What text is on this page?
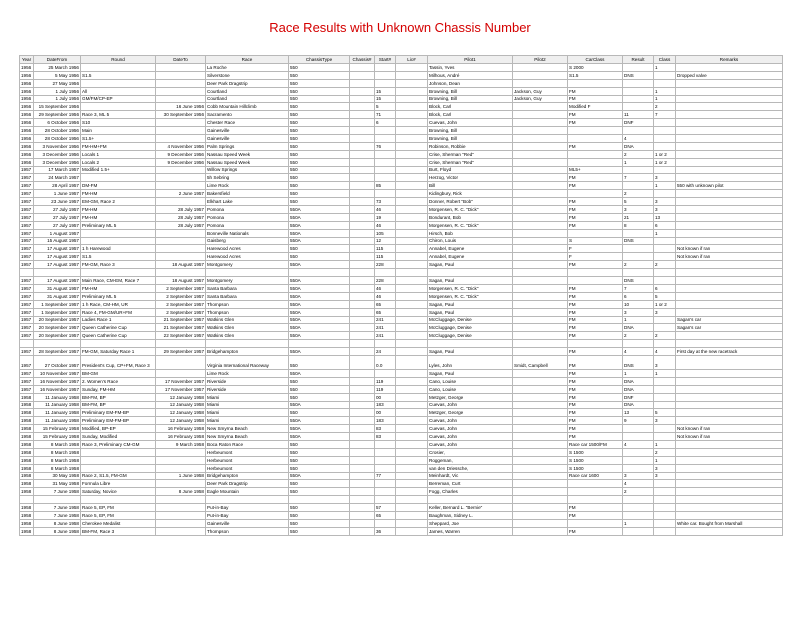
Race Results with Unknown Chassis Number
Year	DateFrom	Round	DateTo	Race	ChassisType	Chassis#	Start#	Lic#	Pilot1	Pilot2	CarClass	Result	Class	Remarks
1956	25 March 1956			La Roche	550				Tassin, Yves		S 2000		1	
1956	5 May 1956	S1.5		Silverstone	550				Milhous, André		S1.5	DNS		Dropped valve
1956	27 May 1956			Deer Park Dragstrip	550				Johnson, Dean					
1956	1 July 1956	All		Courtland	550		15		Browning, Bill	Jackson, Guy	FM		1	
1956	1 July 1956	GM/FM/CP-EP		Courtland	550		15		Browning, Bill	Jackson, Guy	FM		1	
1956	15 September 1956		16 June 1956	Cobb Mountain Hillclimb	550		5		Block, Carl		Modified F		2	
1956	29 September 1956	Race 3, ML 5	30 September 1956	Sacramento	550		71		Block, Carl		FM	11	7	
1956	6 October 1956	S10		Chester Race	550		6		Cuevas, John		FM	DNF		
1956	28 October 1956	Main		Gainesville	550				Browning, Bill					
1956	28 October 1956	S1.5+		Gainesville	550				Browning, Bill			4		
1956	3 November 1956	FM-HM+FM	4 November 1956	Palm Springs	550		76		Robinson, Robbie		FM	DNA		
1956	3 December 1956	Locals 1	9 December 1956	Nassau Speed Week	550				Crise, Sherman "Red"			2	1 or 2	
1956	3 December 1956	Locals 2	9 December 1956	Nassau Speed Week	550				Crise, Sherman "Red"			1	1 or 2	
1957	17 March 1957	Modified 1.5+		Willow Springs	550				Burt, Floyd		ML5+			
1957	24 March 1957			5h Sebring	550				Herzog, Victor		FM	7	3	
1957	28 April 1957	DM-FM		Lime Rock	550		85		Bill		FM		1	550 with unknown pilot
1957	1 June 1957	FM-HM	2 June 1957	Bakersfield	550				Kidingbury, Rick			2		
1957	23 June 1957	EM-GM, Race 2		Elkhart Lake	550		73		Donner, Robert "Bob"		FM	5	3	
1957	27 July 1957	FM-HM	28 July 1957	Pomona	550A		46		Morgensen, R. C. "Dick"		FM	3	3	
1957	27 July 1957	FM-HM	28 July 1957	Pomona	550A		19		Bondurant, Bob		FM	21	13	
1957	27 July 1957	Preliminary ML 5	28 July 1957	Pomona	550A		46		Morgensen, R. C. "Dick"		FM	8	6	
1957	1 August 1957			Bonneville Nationals	550A		105		Hirsch, Bob				1	
1957	15 August 1957			Gaisberg	550A		12		Chiron, Louis		S	DNS		
1957	17 August 1957	1 h Harewood		Harewood Acres	550		115		Annabel, Eugene		F			Not known if ran
1957	17 August 1957	S1.5		Harewood Acres	550		115		Annabel, Eugene		F			Not known if ran
1957	17 August 1957	FM-GM, Race 3	18 August 1957	Montgomery	550A		228		Sagan, Paul		FM	2	2	

1957	17 August 1957	Main Race, CM-EM, Race 7	18 August 1957	Montgomery	550A		228		Sagan, Paul			DNS		
1957	31 August 1957	FM-HM	2 September 1957	Santa Barbara	550A		46		Morgensen, R. C. "Dick"		FM	7	6	
1957	31 August 1957	Preliminary ML 5	2 September 1957	Santa Barbara	550A		46		Morgensen, R. C. "Dick"		FM	6	5	
1957	1 September 1957	1 h Race, CM-HM, UR	2 September 1957	Thompson	550A		65		Sagan, Paul		FM	10	1 or 2	
1957	1 September 1957	Race 4, FM-GM/UR+FM	2 September 1957	Thompson	550A		65		Sagan, Paul		FM	3	3	
1957	20 September 1957	Ladies Race 1	21 September 1957	Watkins Glen	550A		241		McCluggage, Denise		FM	1		Sagan's car
1957	20 September 1957	Queen Catherine Cup	21 September 1957	Watkins Glen	550A		241		McCluggage, Denise		FM	DNA		Sagan's car
1957	20 September 1957	Queen Catherine Cup	22 September 1957	Watkins Glen	550A		241		McCluggage, Denise		FM	2	2	

1957	28 September 1957	FM-GM, Saturday Race 1	29 September 1957	Bridgehampton	550A		24		Sagan, Paul		FM	4	4	First day at the new racetrack
1957	27 October 1957	President's Cup, CP+FM, Race 3		Virginia International Raceway	550		0.0		Lyles, John	Smidt, Campbell	FM	DNS	3	
1957	10 November 1957	BM-GM		Lime Rock	550A				Sagan, Paul		FM	1	1	
1957	16 November 1957	2. Women's Race	17 November 1957	Riverside	550		119		Cano, Louise		FM	DNA		
1957	16 November 1957	Sunday, FM-HM	17 November 1957	Riverside	550		119		Cano, Louise		FM	DNA		
1958	11 January 1958	BM-FM, BP	12 January 1958	Miami	550		00		Metzger, George		FM	DNF		
1958	11 January 1958	BM-FM, BP	12 January 1958	Miami	550A		183		Cuevas, John		FM	DNA		
1958	11 January 1958	Preliminary EM-FM-BP	12 January 1958	Miami	550		00		Metzger, George		FM	13	5	
1958	11 January 1958	Preliminary EM-FM-BP	12 January 1958	Miami	550A		183		Cuevas, John		FM	9	3	
1958	15 February 1958	Modified, BP-EP	16 February 1958	New Smyrna Beach	550A		83		Cuevas, John		FM			Not known if ran
1958	15 February 1958	Sunday, Modified	16 February 1958	New Smyrna Beach	550A		83		Cuevas, John		FM			Not known if ran
1958	8 March 1958	Race 3, Preliminary CM-GM	9 March 1958	Boca Raton Race	550				Cuevas, John		Race car 1500/FM	4	1	
1958	8 March 1958			Herbeumont	550				Crosier,		S 1500		2	
1958	8 March 1958			Herbeumont	550				Roggeman,		S 1500		1	
1958	8 March 1958			Herbeumont	550				van den Driessche,		S 1500		3	
1958	30 May 1958	Race 2, S1.5, FM-GM	1 June 1958	Bridgehampton	550A		77		Meinhardt, Vic		Race car 1600	3	3	
1958	31 May 1958	Formula Libre		Deer Park Dragstrip	550				Berreman, Curt			4		
1958	7 June 1958	Saturday, Novice	8 June 1958	Eagle Mountain	550				Fogg, Charles			2		

1958	7 June 1958	Race 5, EP, FM		Put-in-Bay	550		57		Keller, Bernard L. "Bernie"		FM			
1958	7 June 1958	Race 5, EP, FM		Put-in-Bay	550		65		Baughman, Sidney L.		FM			
1958	8 June 1958	Cherokee Medalist		Gainesville	550				Sheppard, Joe			1		White car. Bought from Marshall
1958	8 June 1958	BM-FM, Race 3		Thompson	550		36		James, Warren		FM			
